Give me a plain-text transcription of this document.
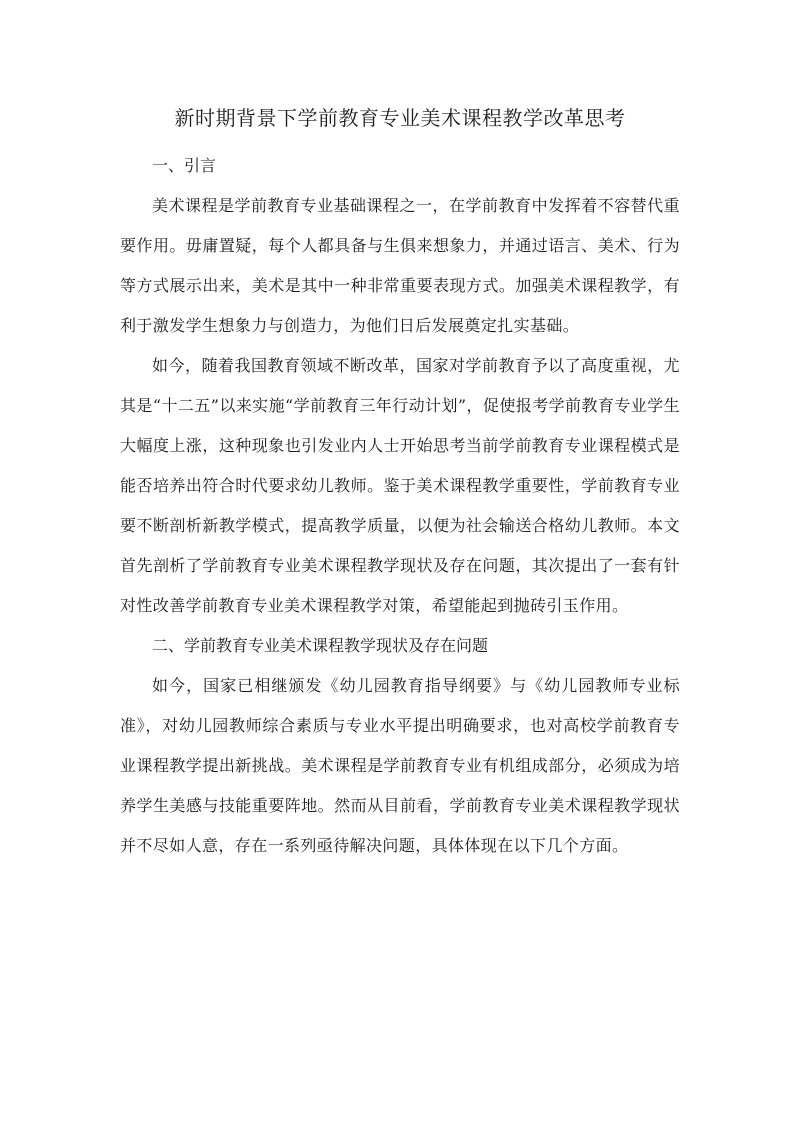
新时期背景下学前教育专业美术课程教学改革思考
一、引言

美术课程是学前教育专业基础课程之一，在学前教育中发挥着不容替代重要作用。毋庸置疑，每个人都具备与生俱来想象力，并通过语言、美术、行为等方式展示出来，美术是其中一种非常重要表现方式。加强美术课程教学，有利于激发学生想象力与创造力，为他们日后发展奠定扎实基础。

如今，随着我国教育领域不断改革，国家对学前教育予以了高度重视，尤其是“十二五”以来实施“学前教育三年行动计划”，促使报考学前教育专业学生大幅度上涨，这种现象也引发业内人士开始思考当前学前教育专业课程模式是能否培养出符合时代要求幼儿教师。鉴于美术课程教学重要性，学前教育专业要不断剖析新教学模式，提高教学质量，以便为社会输送合格幼儿教师。本文首先剖析了学前教育专业美术课程教学现状及存在问题，其次提出了一套有针对性改善学前教育专业美术课程教学对策，希望能起到抛砖引玉作用。

二、学前教育专业美术课程教学现状及存在问题

如今，国家已相继颁发《幼儿园教育指导纲要》与《幼儿园教师专业标准》，对幼儿园教师综合素质与专业水平提出明确要求，也对高校学前教育专业课程教学提出新挑战。美术课程是学前教育专业有机组成部分，必须成为培养学生美感与技能重要阵地。然而从目前看，学前教育专业美术课程教学现状并不尽如人意，存在一系列亟待解决问题，具体体现在以下几个方面。
